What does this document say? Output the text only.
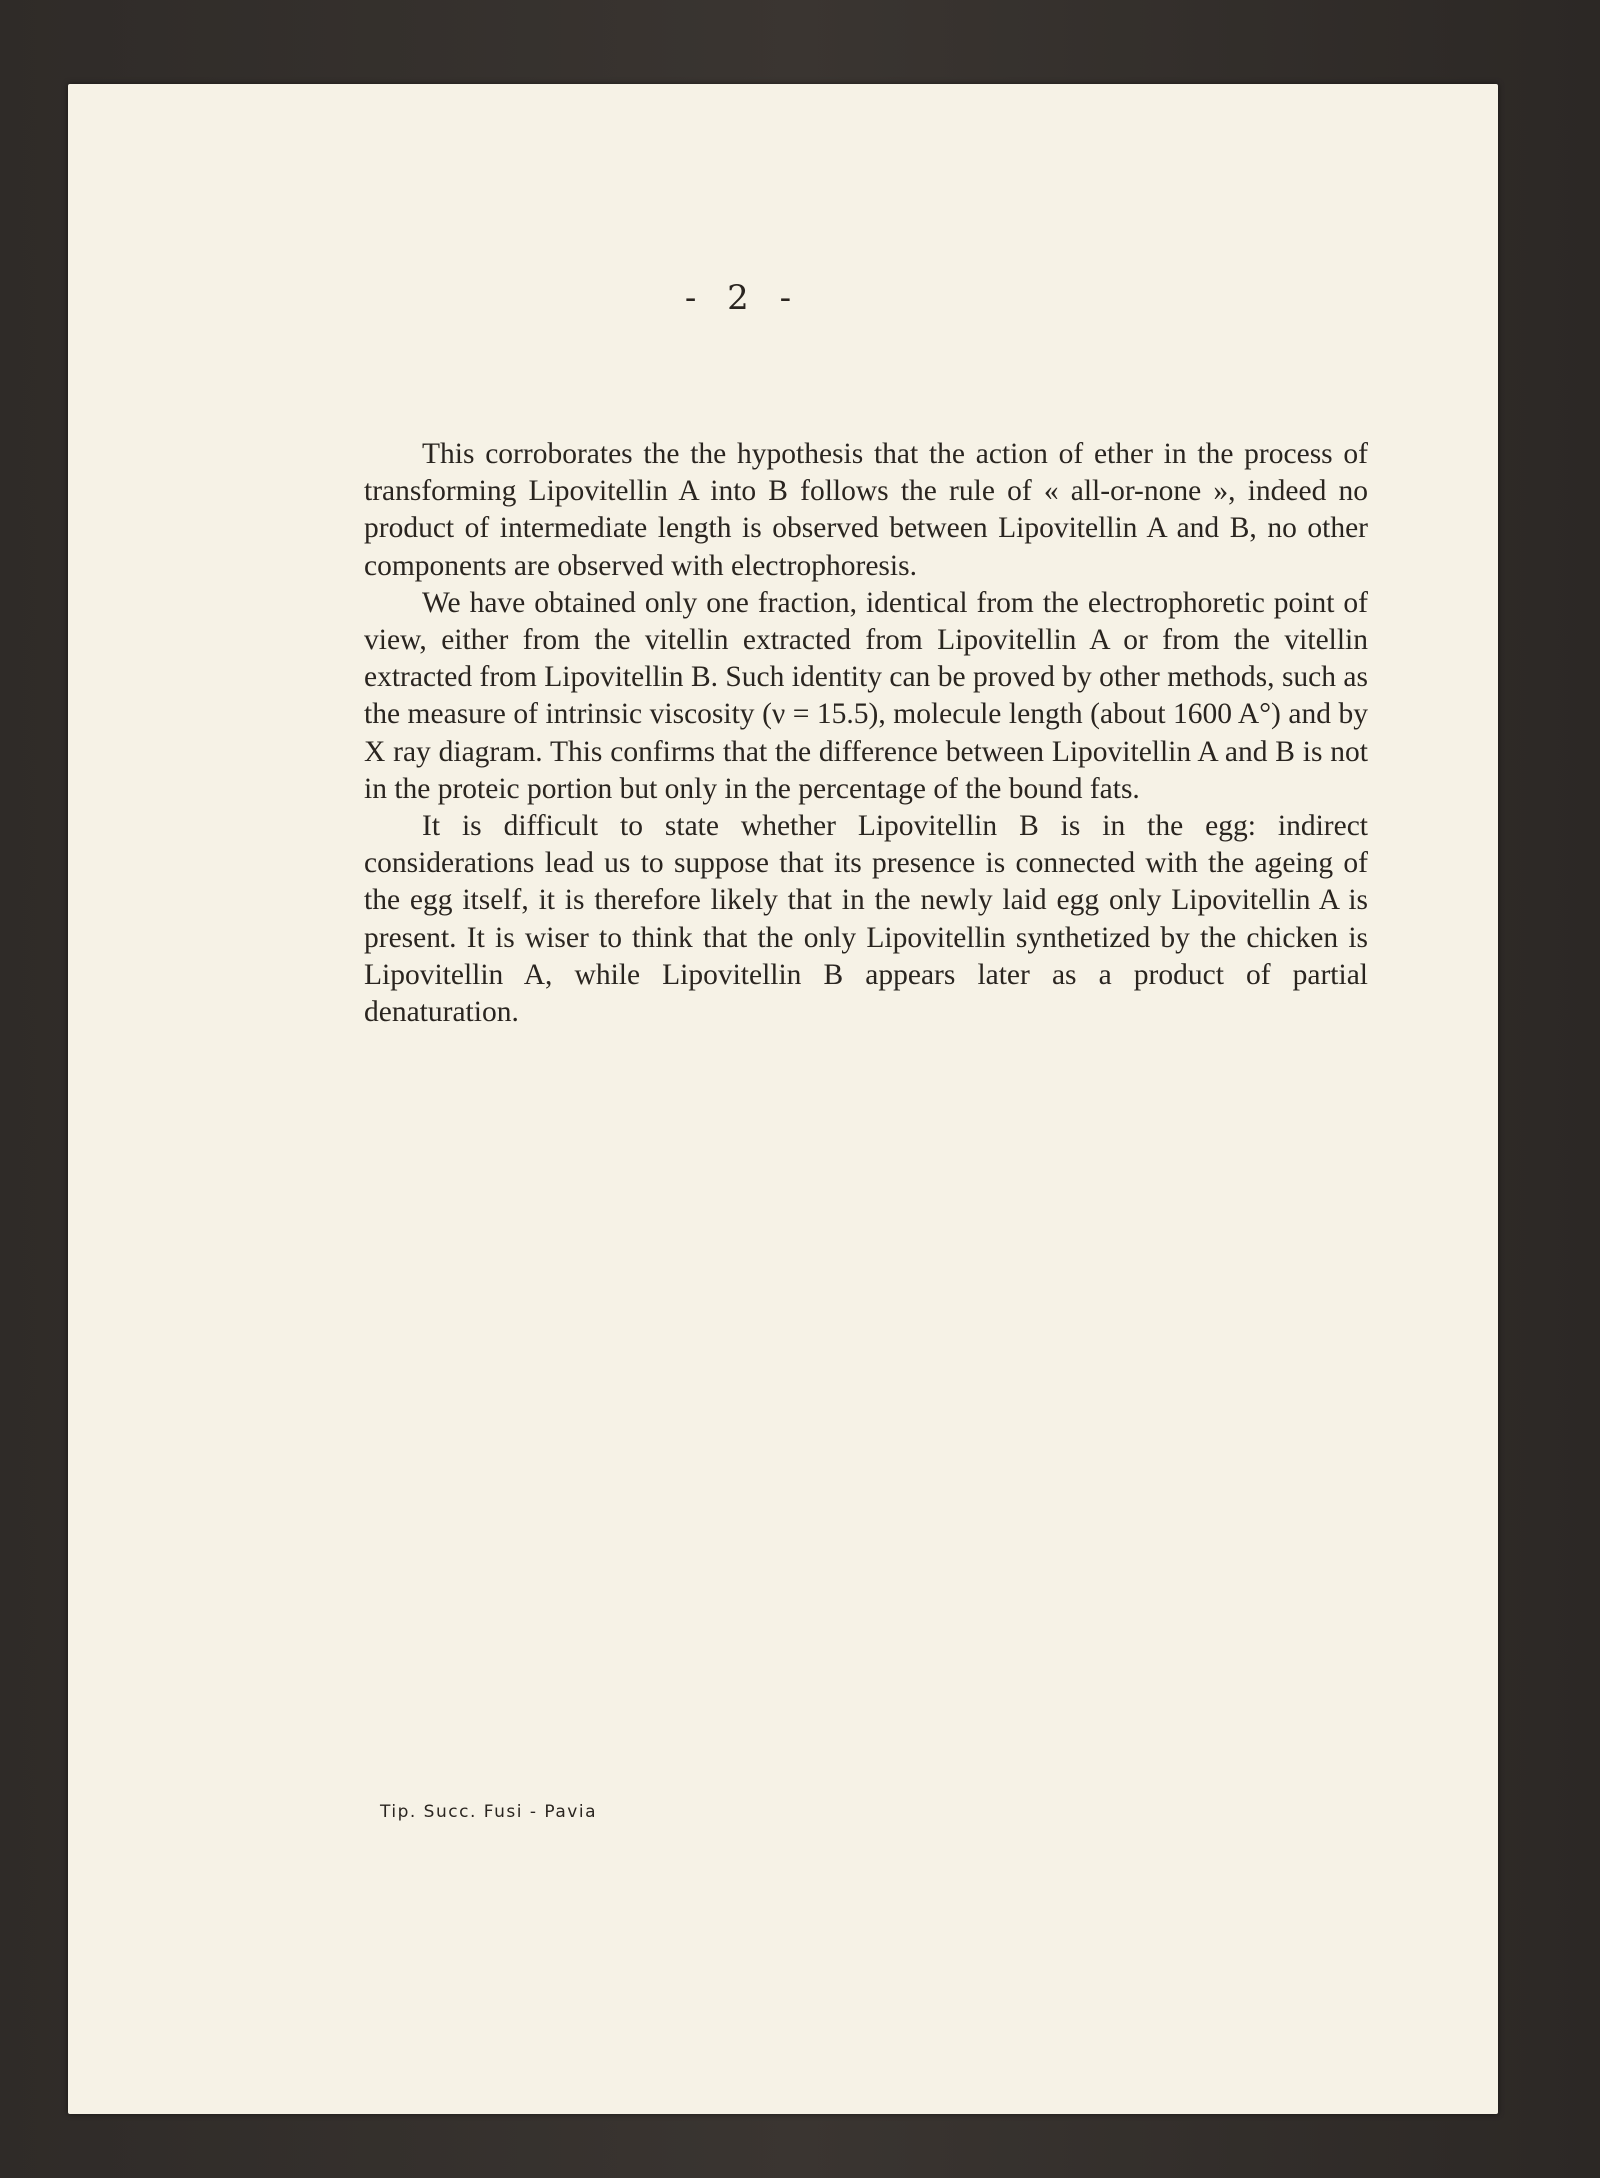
- 2 -

This corroborates the the hypothesis that the action of ether in the process of transforming Lipovitellin A into B follows the rule of « all-or-none », indeed no product of intermediate length is observed between Lipovitellin A and B, no other components are observed with electrophoresis.

We have obtained only one fraction, identical from the electrophoretic point of view, either from the vitellin extracted from Lipovitellin A or from the vitellin extracted from Lipovitellin B. Such identity can be proved by other methods, such as the measure of intrinsic viscosity (ν = 15.5), molecule length (about 1600 A°) and by X ray diagram. This confirms that the difference between Lipovitellin A and B is not in the proteic portion but only in the percentage of the bound fats.

It is difficult to state whether Lipovitellin B is in the egg: indirect considerations lead us to suppose that its presence is connected with the ageing of the egg itself, it is therefore likely that in the newly laid egg only Lipovitellin A is present. It is wiser to think that the only Lipovitellin synthetized by the chicken is Lipovitellin A, while Lipovitellin B appears later as a product of partial denaturation.

Tip. Succ. Fusi - Pavia
